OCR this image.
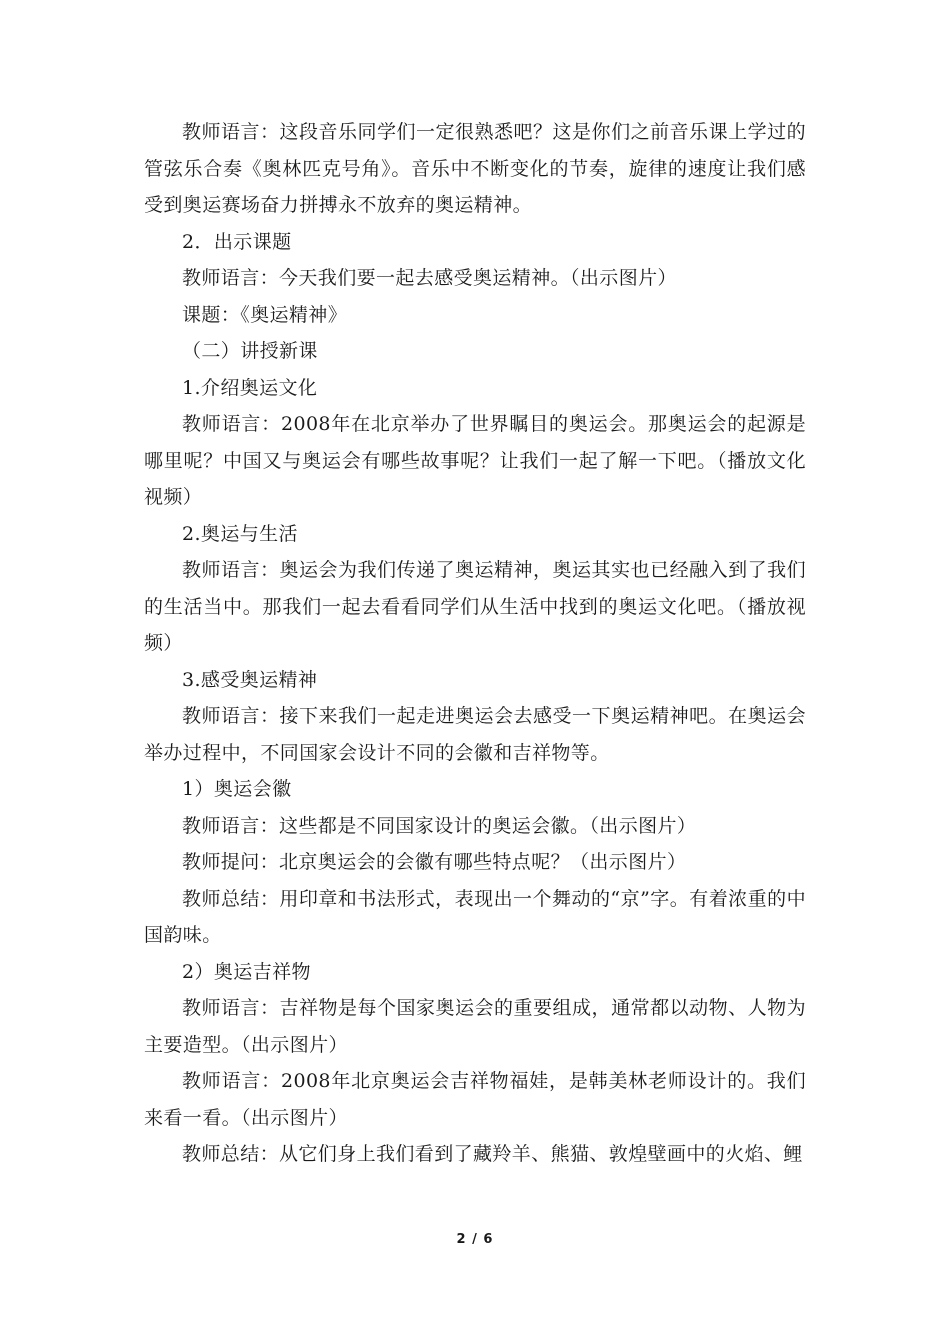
教师语言：这段音乐同学们一定很熟悉吧？这是你们之前音乐课上学过的管弦乐合奏《奥林匹克号角》。音乐中不断变化的节奏，旋律的速度让我们感受到奥运赛场奋力拼搏永不放弃的奥运精神。

2．出示课题

教师语言：今天我们要一起去感受奥运精神。（出示图片）

课题：《奥运精神》

（二）讲授新课

1.介绍奥运文化

教师语言：2008年在北京举办了世界瞩目的奥运会。那奥运会的起源是哪里呢？中国又与奥运会有哪些故事呢？让我们一起了解一下吧。（播放文化视频）

2.奥运与生活

教师语言：奥运会为我们传递了奥运精神，奥运其实也已经融入到了我们的生活当中。那我们一起去看看同学们从生活中找到的奥运文化吧。（播放视频）

3.感受奥运精神

教师语言：接下来我们一起走进奥运会去感受一下奥运精神吧。在奥运会举办过程中，不同国家会设计不同的会徽和吉祥物等。

1）奥运会徽

教师语言：这些都是不同国家设计的奥运会徽。（出示图片）

教师提问：北京奥运会的会徽有哪些特点呢？（出示图片）

教师总结：用印章和书法形式，表现出一个舞动的“京”字。有着浓重的中国韵味。

2）奥运吉祥物

教师语言：吉祥物是每个国家奥运会的重要组成，通常都以动物、人物为主要造型。（出示图片）

教师语言：2008年北京奥运会吉祥物福娃，是韩美林老师设计的。我们来看一看。（出示图片）

教师总结：从它们身上我们看到了藏羚羊、熊猫、敦煌壁画中的火焰、鲤

2 / 6
